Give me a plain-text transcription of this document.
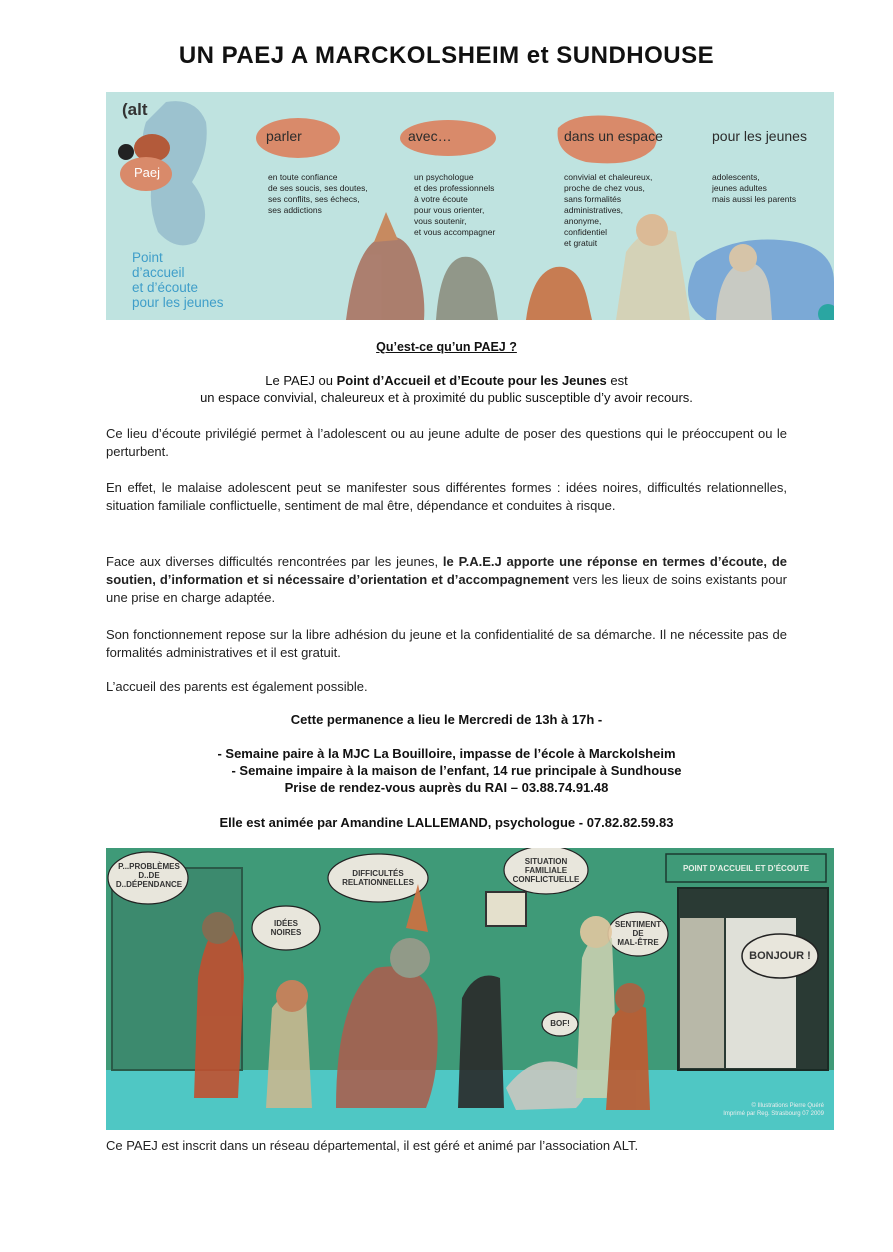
UN PAEJ A MARCKOLSHEIM et SUNDHOUSE
(alt
Paej
Point
d’accueil
et d’écoute
pour les jeunes
parler
en toute confiance
de ses soucis, ses doutes,
ses conflits, ses échecs,
ses addictions
avec…
un psychologue
et des professionnels
à votre écoute
pour vous orienter,
vous soutenir,
et vous accompagner
dans un espace
convivial et chaleureux,
proche de chez vous,
sans formalités
administratives,
anonyme,
confidentiel
et gratuit
pour les jeunes
adolescents,
jeunes adultes
mais aussi les parents
Qu’est-ce qu’un PAEJ ?
Le PAEJ ou Point d’Accueil et d’Ecoute pour les Jeunes est
un espace convivial, chaleureux et à proximité du public susceptible d’y avoir recours.
Ce lieu d’écoute privilégié permet à l’adolescent ou au jeune adulte de poser des questions qui le préoccupent ou le perturbent.
En effet, le malaise adolescent peut se manifester sous différentes formes : idées noires, difficultés relationnelles, situation familiale conflictuelle, sentiment de mal être, dépendance et conduites à risque.
Face aux diverses difficultés rencontrées par les jeunes, le P.A.E.J apporte une réponse en termes d’écoute, de soutien, d’information et si nécessaire d’orientation et d’accompagnement vers les lieux de soins existants pour une prise en charge adaptée.
Son fonctionnement repose sur la libre adhésion du jeune et la confidentialité de sa démarche. Il ne nécessite pas de formalités administratives et il est gratuit.
L’accueil des parents est également possible.
Cette permanence a lieu le Mercredi de 13h à 17h -
- Semaine paire à la MJC La Bouilloire, impasse de l’école à Marckolsheim
- Semaine impaire à la maison de l’enfant, 14 rue principale à Sundhouse
Prise de rendez-vous auprès du RAI – 03.88.74.91.48
Elle est animée par Amandine LALLEMAND, psychologue - 07.82.82.59.83
P...PROBLÈMES
D..DE
D..DÉPENDANCE
IDÉES
NOIRES
DIFFICULTÉS
RELATIONNELLES
SITUATION
FAMILIALE
CONFLICTUELLE
SENTIMENT
DE
MAL-ÊTRE
BOF!
BONJOUR !
POINT D’ACCUEIL ET D’ÉCOUTE
© Illustrations Pierre Quéré
Imprimé par Reg. Strasbourg 07 2009
Ce PAEJ est inscrit dans un réseau départemental, il est géré et animé par l’association ALT.
